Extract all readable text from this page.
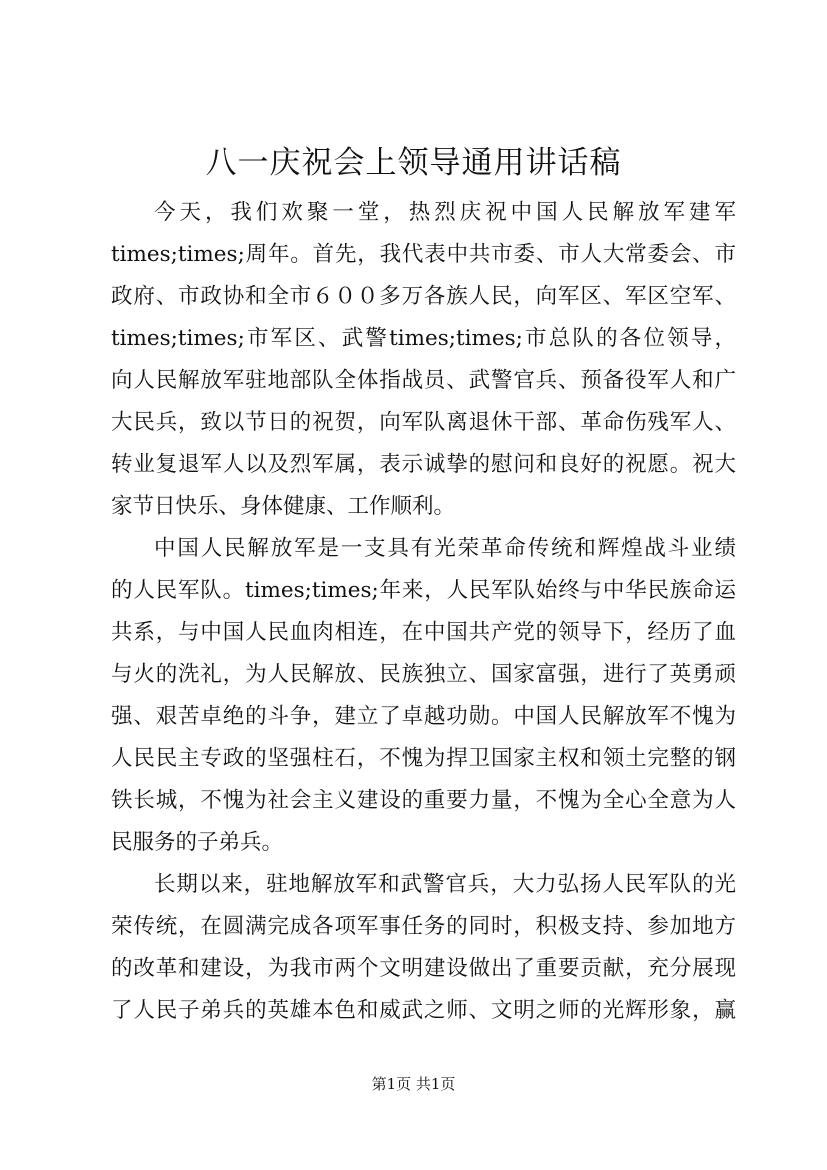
八一庆祝会上领导通用讲话稿

今天，我们欢聚一堂，热烈庆祝中国人民解放军建军
times;times;周年。首先，我代表中共市委、市人大常委会、市
政府、市政协和全市６００多万各族人民，向军区、军区空军、
times;times;市军区、武警times;times;市总队的各位领导，
向人民解放军驻地部队全体指战员、武警官兵、预备役军人和广
大民兵，致以节日的祝贺，向军队离退休干部、革命伤残军人、
转业复退军人以及烈军属，表示诚挚的慰问和良好的祝愿。祝大
家节日快乐、身体健康、工作顺利。

中国人民解放军是一支具有光荣革命传统和辉煌战斗业绩
的人民军队。times;times;年来，人民军队始终与中华民族命运
共系，与中国人民血肉相连，在中国共产党的领导下，经历了血
与火的洗礼，为人民解放、民族独立、国家富强，进行了英勇顽
强、艰苦卓绝的斗争，建立了卓越功勋。中国人民解放军不愧为
人民民主专政的坚强柱石，不愧为捍卫国家主权和领土完整的钢
铁长城，不愧为社会主义建设的重要力量，不愧为全心全意为人
民服务的子弟兵。

长期以来，驻地解放军和武警官兵，大力弘扬人民军队的光
荣传统，在圆满完成各项军事任务的同时，积极支持、参加地方
的改革和建设，为我市两个文明建设做出了重要贡献，充分展现
了人民子弟兵的英雄本色和威武之师、文明之师的光辉形象，赢

第1页 共1页
